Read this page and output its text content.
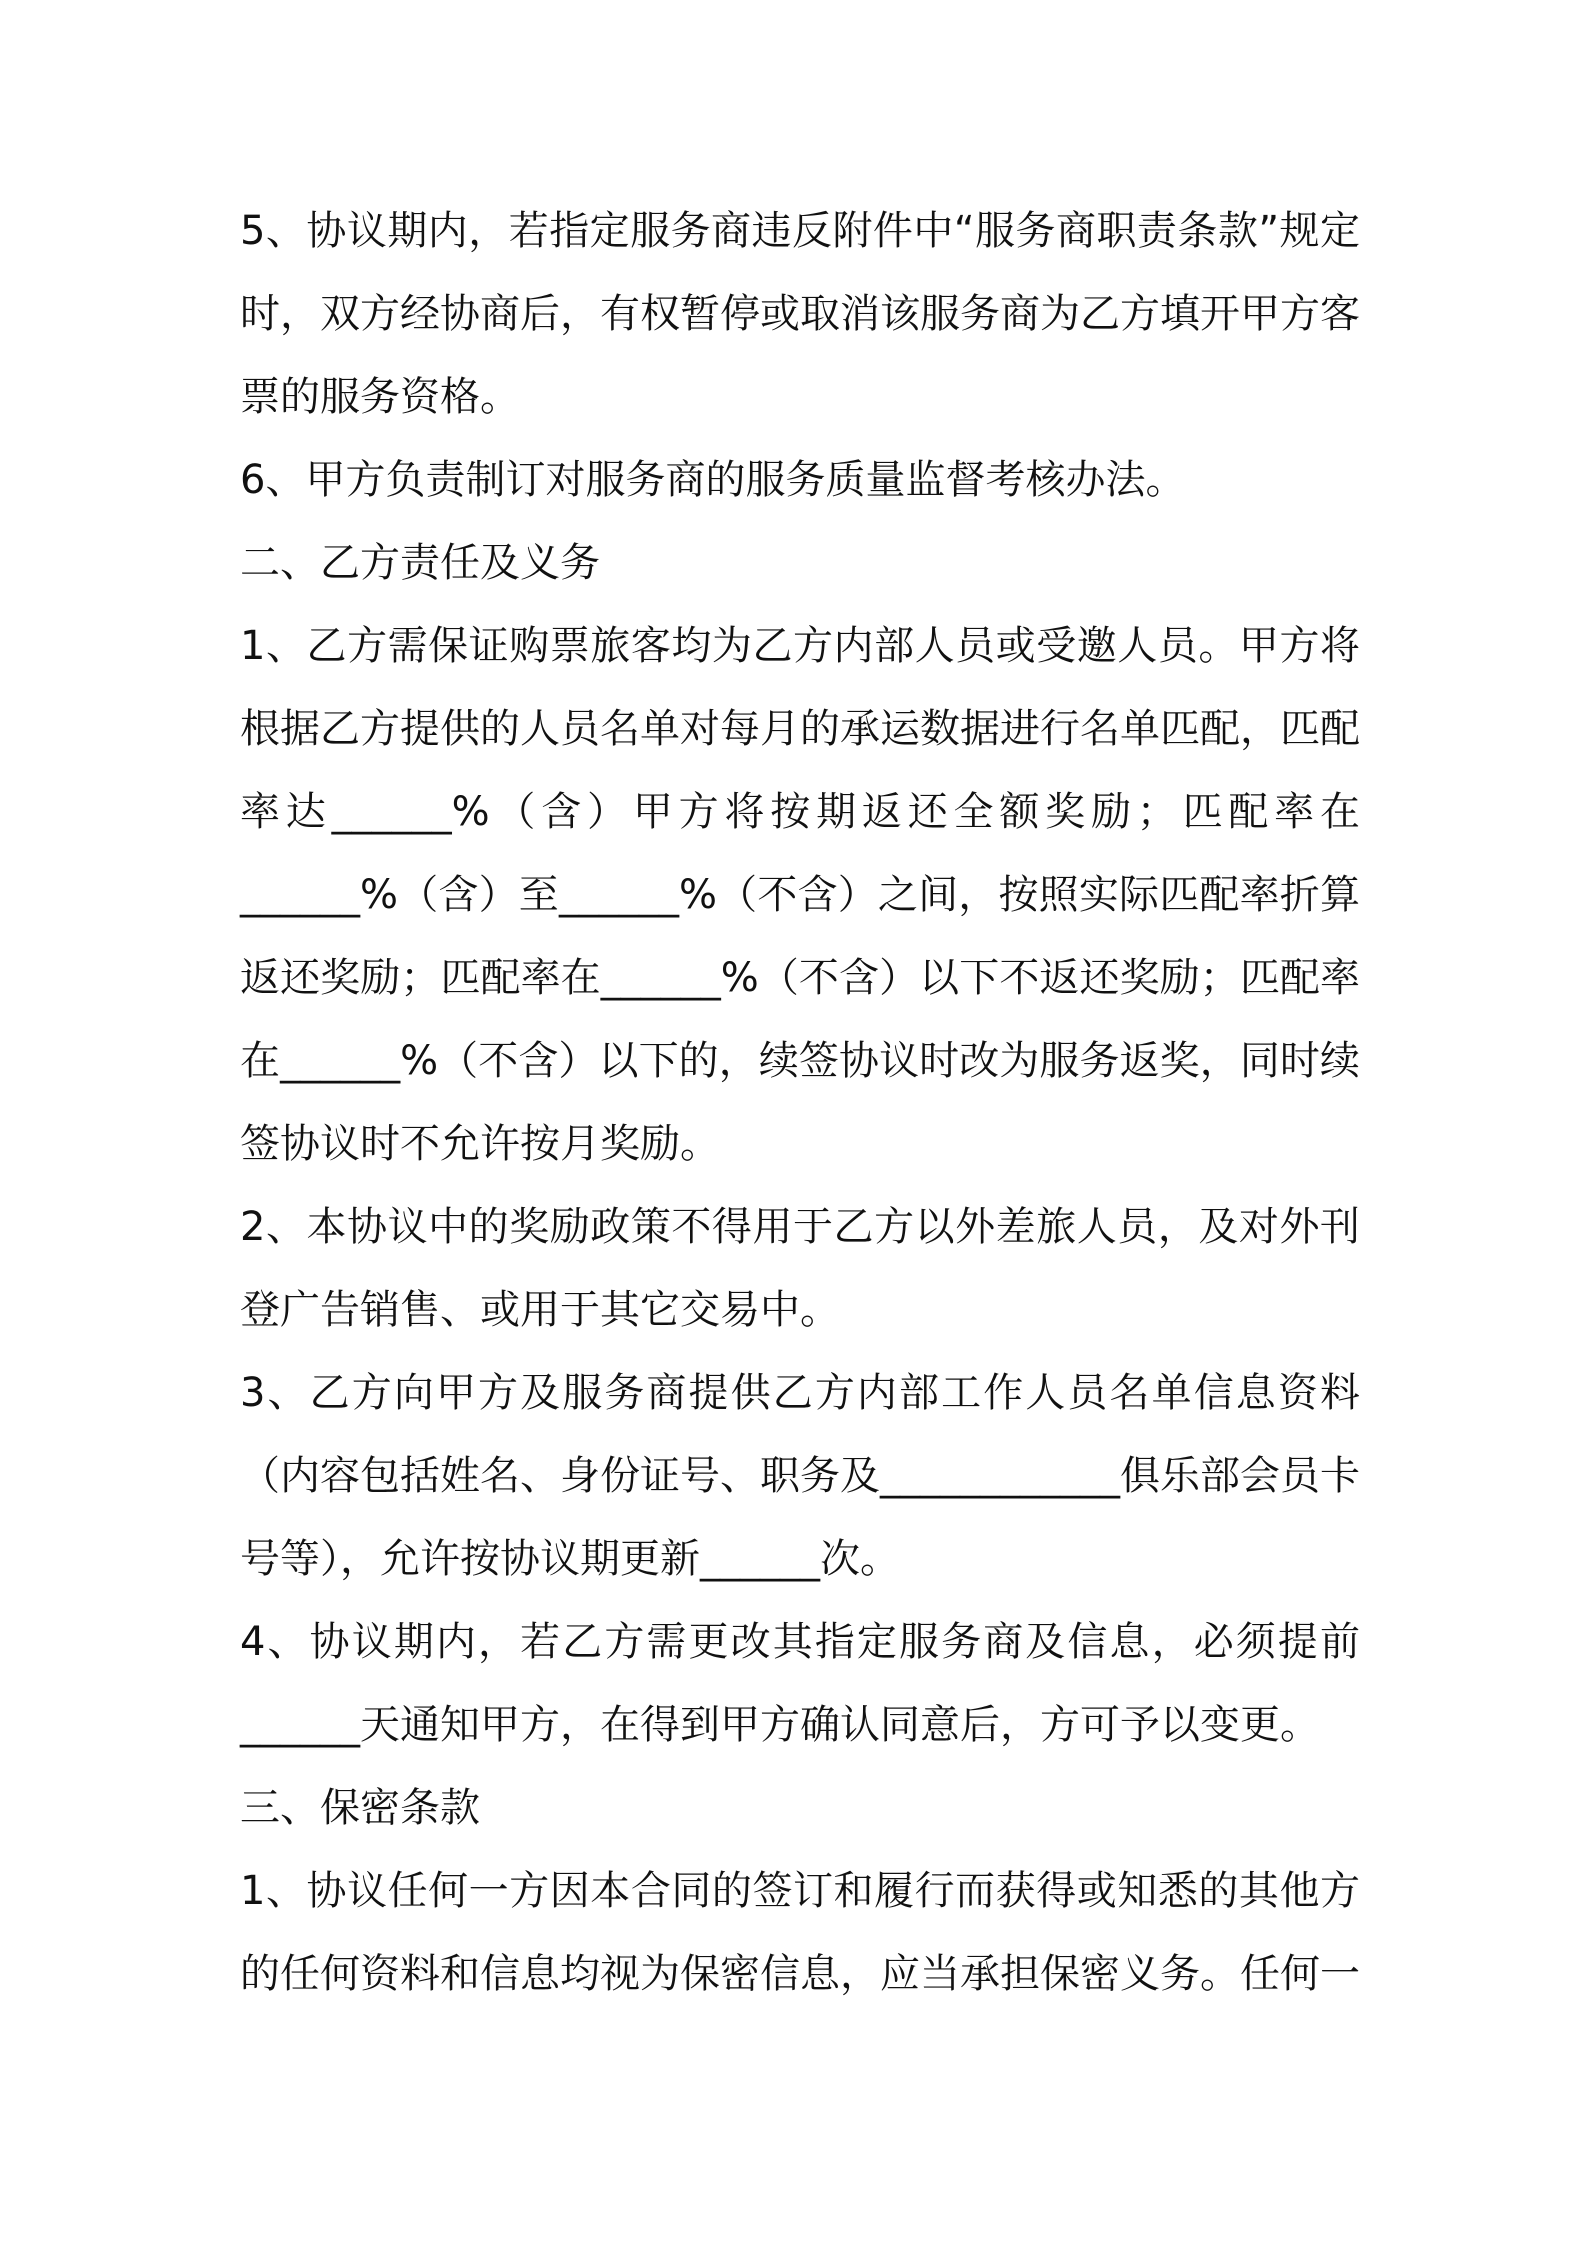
5、协议期内，若指定服务商违反附件中“服务商职责条款”规定时，双方经协商后，有权暂停或取消该服务商为乙方填开甲方客票的服务资格。

6、甲方负责制订对服务商的服务质量监督考核办法。

二、乙方责任及义务

1、乙方需保证购票旅客均为乙方内部人员或受邀人员。甲方将根据乙方提供的人员名单对每月的承运数据进行名单匹配，匹配率达______%（含）甲方将按期返还全额奖励；匹配率在______%（含）至______%（不含）之间，按照实际匹配率折算返还奖励；匹配率在______%（不含）以下不返还奖励；匹配率在______%（不含）以下的，续签协议时改为服务返奖，同时续签协议时不允许按月奖励。

2、本协议中的奖励政策不得用于乙方以外差旅人员，及对外刊登广告销售、或用于其它交易中。

3、乙方向甲方及服务商提供乙方内部工作人员名单信息资料（内容包括姓名、身份证号、职务及____________俱乐部会员卡号等），允许按协议期更新______次。

4、协议期内，若乙方需更改其指定服务商及信息，必须提前______天通知甲方，在得到甲方确认同意后，方可予以变更。

三、保密条款

1、协议任何一方因本合同的签订和履行而获得或知悉的其他方的任何资料和信息均视为保密信息，应当承担保密义务。任何一
